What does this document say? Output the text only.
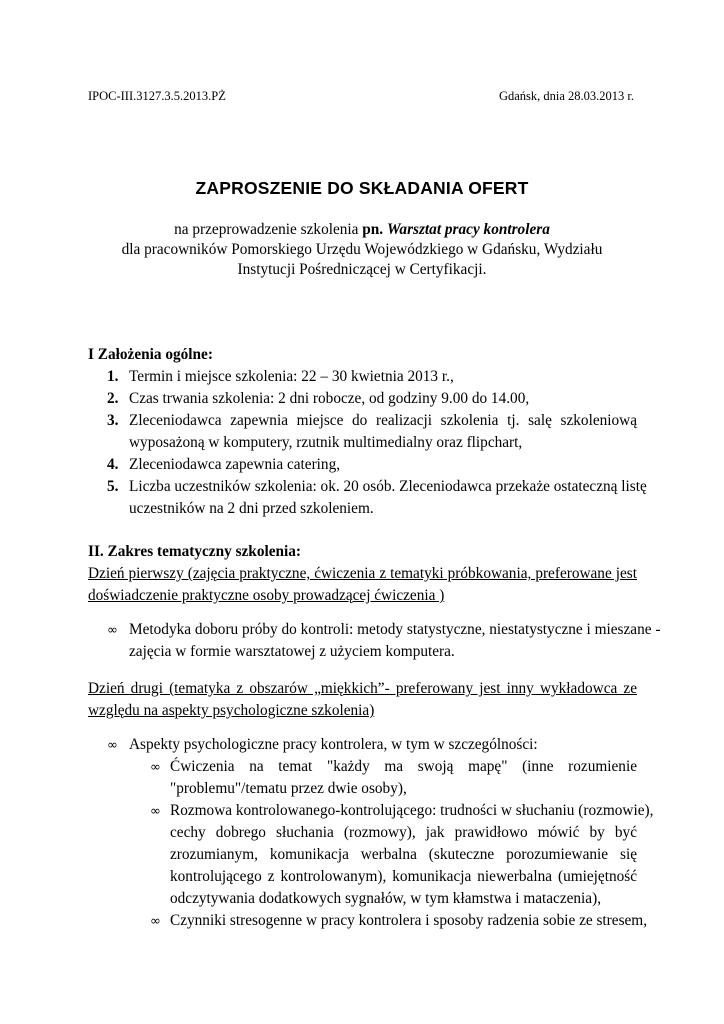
IPOC-III.3127.3.5.2013.PŻ	Gdańsk, dnia 28.03.2013 r.
ZAPROSZENIE DO SKŁADANIA OFERT
na przeprowadzenie szkolenia pn. Warsztat pracy kontrolera
dla pracowników Pomorskiego Urzędu Wojewódzkiego w Gdańsku, Wydziału
Instytucji Pośredniczącej w Certyfikacji.
I Założenia ogólne:
1. Termin i miejsce szkolenia: 22 – 30 kwietnia 2013 r.,
2. Czas trwania szkolenia: 2 dni robocze, od godziny 9.00 do 14.00,
3. Zleceniodawca zapewnia miejsce do realizacji szkolenia tj. salę szkoleniową
wyposażoną w komputery, rzutnik multimedialny oraz flipchart,
4. Zleceniodawca zapewnia catering,
5. Liczba uczestników szkolenia: ok. 20 osób. Zleceniodawca przekaże ostateczną listę
uczestników na 2 dni przed szkoleniem.
II. Zakres tematyczny szkolenia:
Dzień pierwszy (zajęcia praktyczne, ćwiczenia z tematyki próbkowania, preferowane jest
doświadczenie praktyczne osoby prowadzącej ćwiczenia )
∞ Metodyka doboru próby do kontroli: metody statystyczne, niestatystyczne i mieszane -
zajęcia w formie warsztatowej z użyciem komputera.
Dzień drugi (tematyka z obszarów „miękkich”- preferowany jest inny wykładowca ze
względu na aspekty psychologiczne szkolenia)
∞ Aspekty psychologiczne pracy kontrolera, w tym w szczególności:
∞ Ćwiczenia na temat "każdy ma swoją mapę" (inne rozumienie
"problemu"/tematu przez dwie osoby),
∞ Rozmowa kontrolowanego-kontrolującego: trudności w słuchaniu (rozmowie),
cechy dobrego słuchania (rozmowy), jak prawidłowo mówić by być
zrozumianym, komunikacja werbalna (skuteczne porozumiewanie się
kontrolującego z kontrolowanym), komunikacja niewerbalna (umiejętność
odczytywania dodatkowych sygnałów, w tym kłamstwa i mataczenia),
∞ Czynniki stresogenne w pracy kontrolera i sposoby radzenia sobie ze stresem,
